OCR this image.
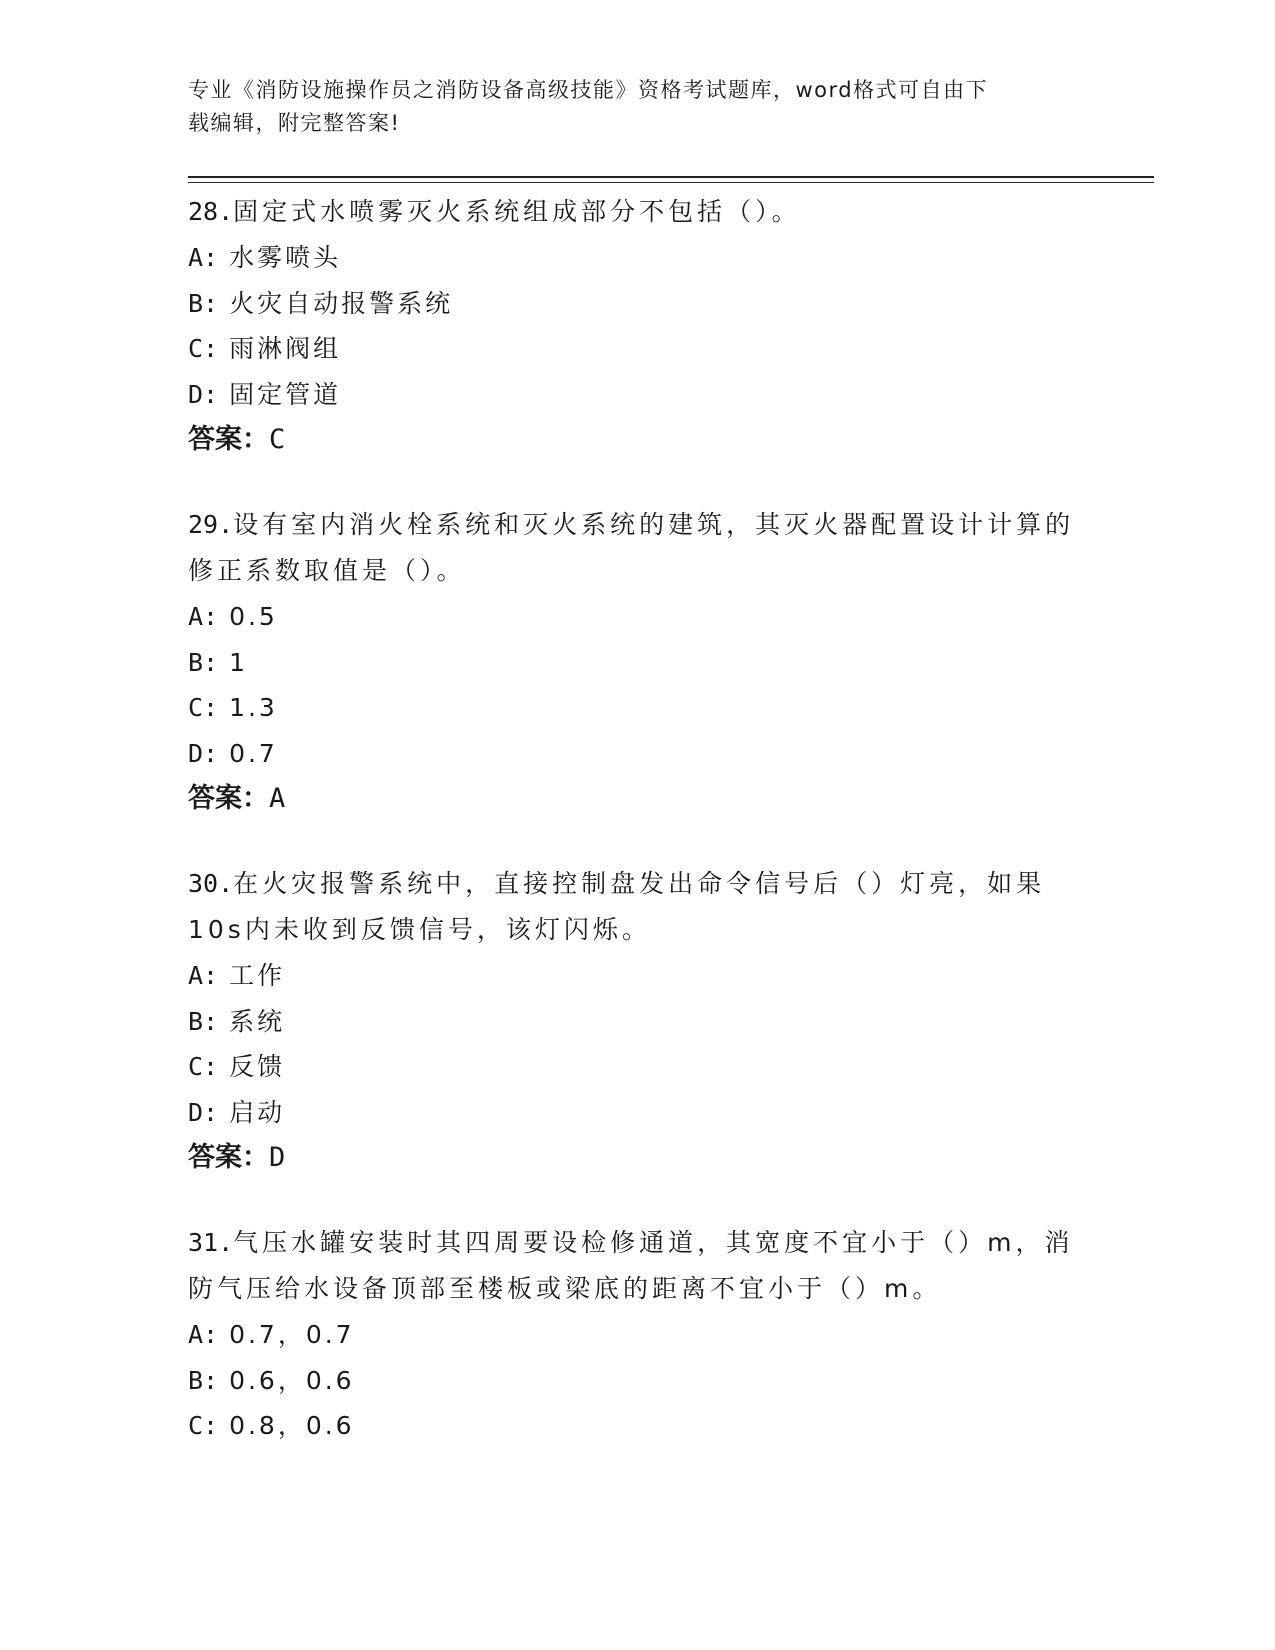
专业《消防设施操作员之消防设备高级技能》资格考试题库，word格式可自由下
载编辑，附完整答案!

28.固定式水喷雾灭火系统组成部分不包括（）。

A: 水雾喷头

B: 火灾自动报警系统

C: 雨淋阀组

D: 固定管道

答案：C

29.设有室内消火栓系统和灭火系统的建筑，其灭火器配置设计计算的

修正系数取值是（）。

A: 0.5

B: 1

C: 1.3

D: 0.7

答案：A

30.在火灾报警系统中，直接控制盘发出命令信号后（）灯亮，如果

10s内未收到反馈信号，该灯闪烁。

A: 工作

B: 系统

C: 反馈

D: 启动

答案：D

31.气压水罐安装时其四周要设检修通道，其宽度不宜小于（）m，消

防气压给水设备顶部至楼板或梁底的距离不宜小于（）m。

A: 0.7，0.7

B: 0.6，0.6

C: 0.8，0.6
